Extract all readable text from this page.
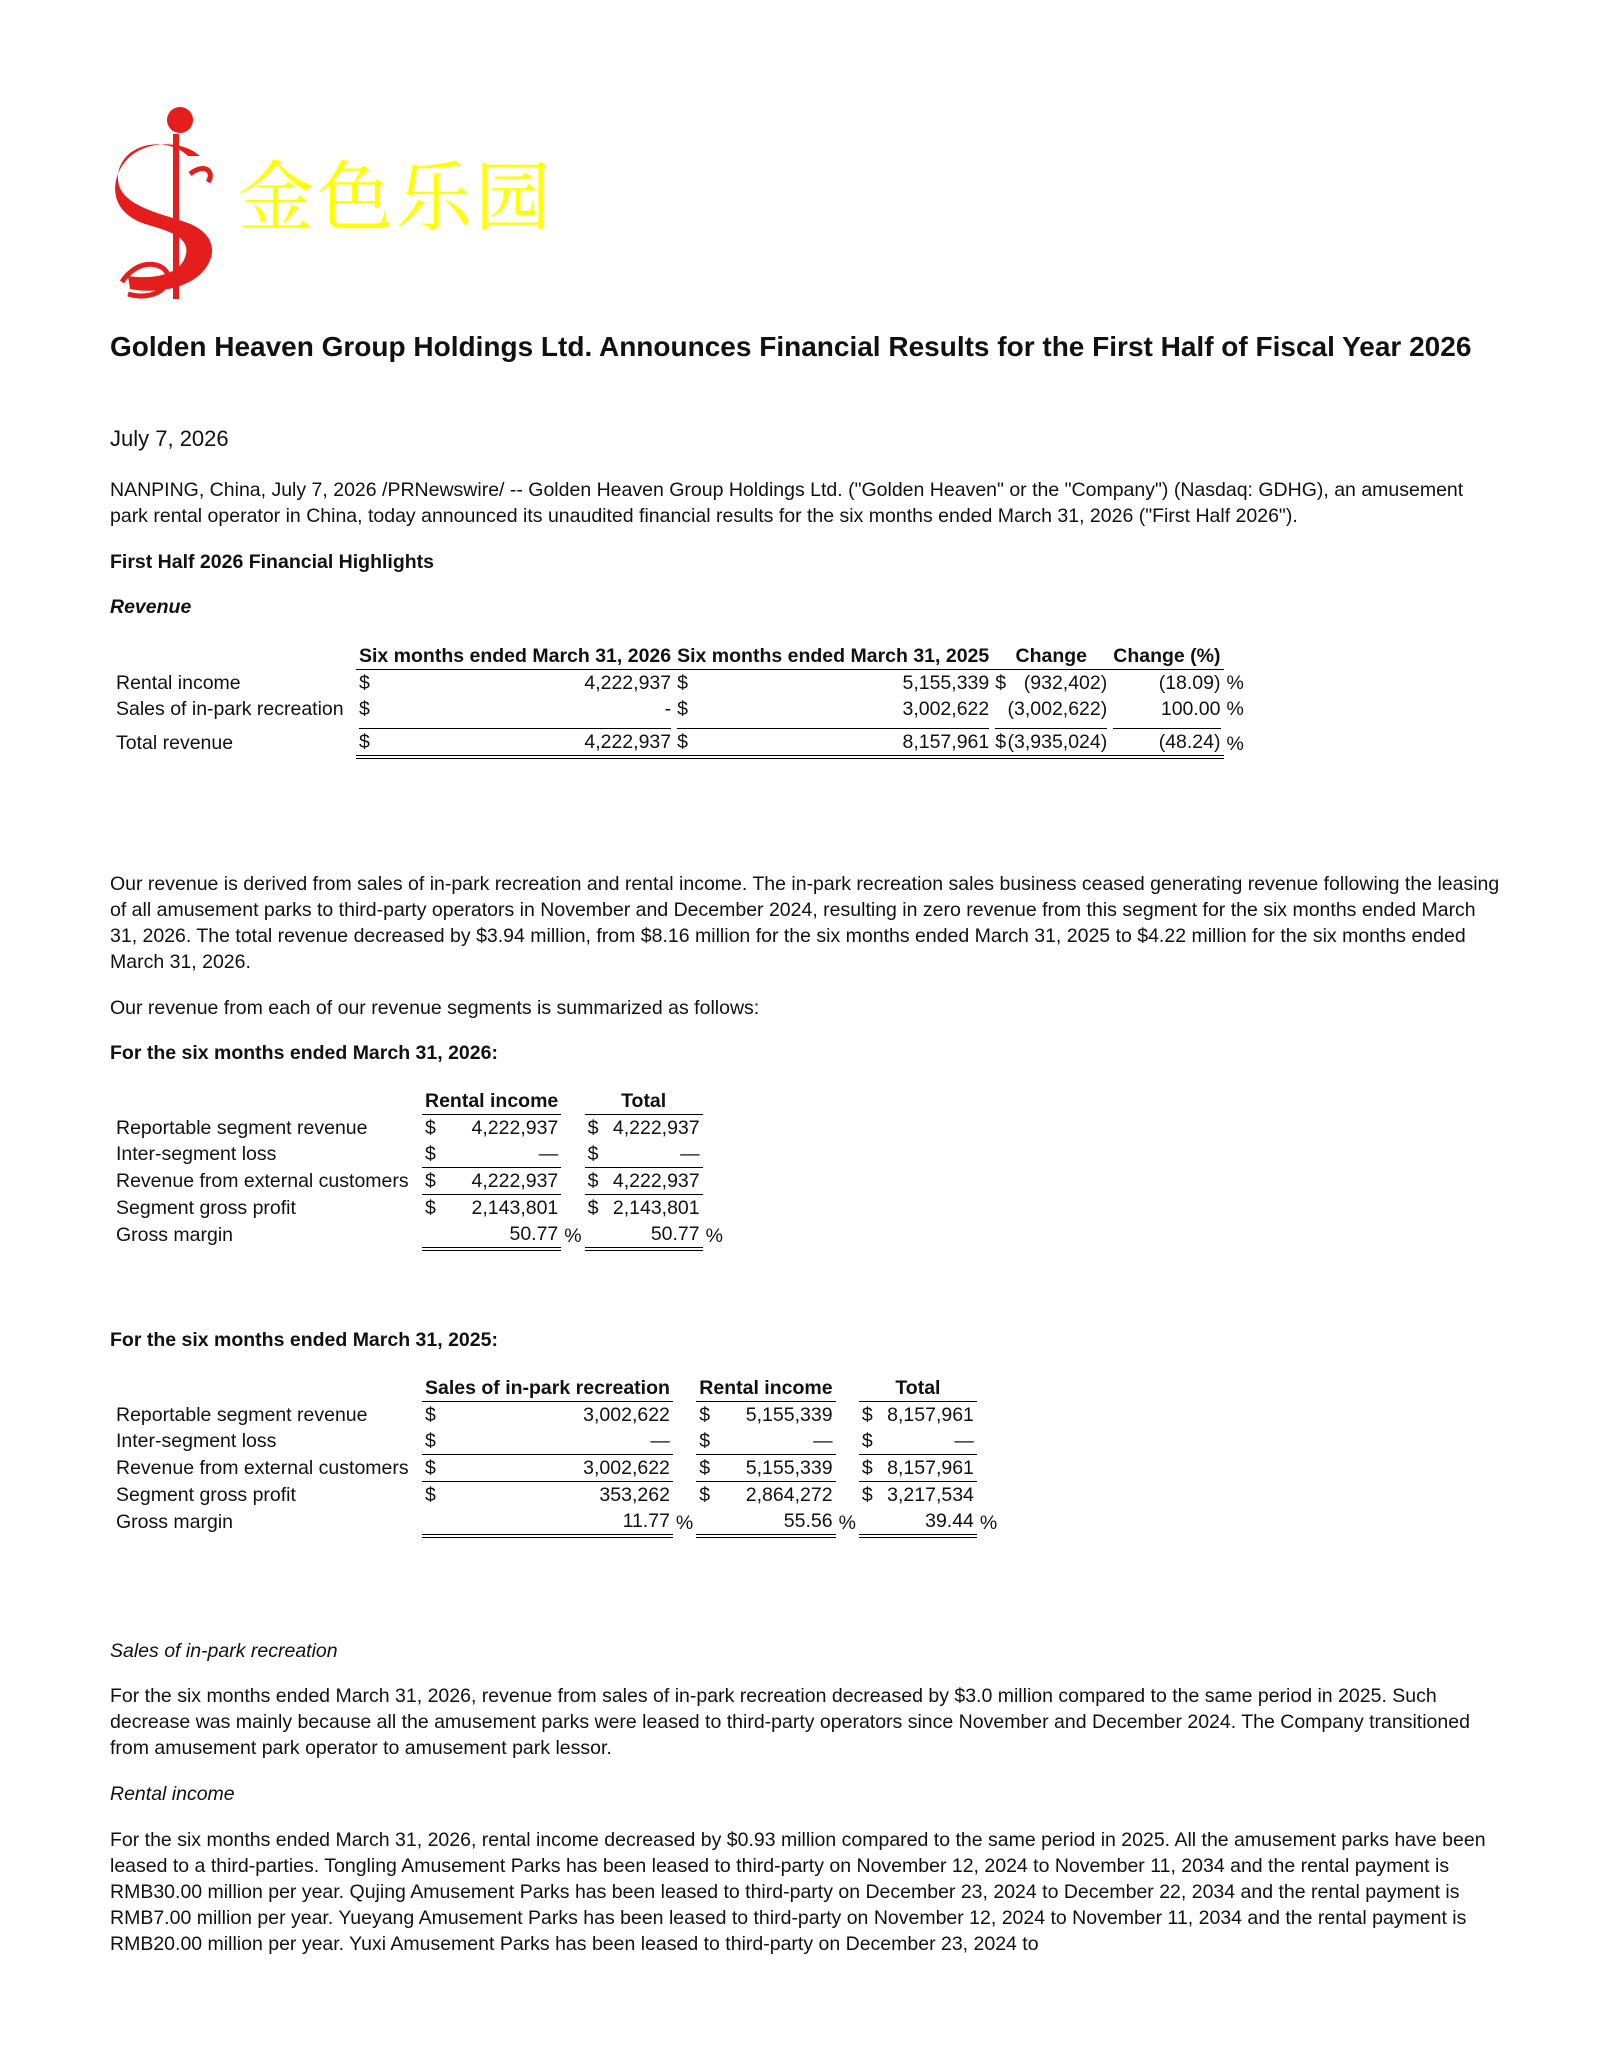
金色乐园
Golden Heaven Group Holdings Ltd. Announces Financial Results for the First Half of Fiscal Year 2026
July 7, 2026

NANPING, China, July 7, 2026 /PRNewswire/ -- Golden Heaven Group Holdings Ltd. ("Golden Heaven" or the "Company") (Nasdaq: GDHG), an amusement park rental operator in China, today announced its unaudited financial results for the six months ended March 31, 2026 ("First Half 2026").

First Half 2026 Financial Highlights

Revenue

	Six months ended March 31, 2026	Six months ended March 31, 2025	Change	Change (%)	
Rental income	$ 4,222,937	$ 5,155,339	$ (932,402)	(18.09)	%
Sales of in-park recreation	$ -	$ 3,002,622	(3,002,622)	100.00	%
Total revenue	$ 4,222,937	$ 8,157,961	$ (3,935,024)	(48.24)	%

Our revenue is derived from sales of in-park recreation and rental income. The in-park recreation sales business ceased generating revenue following the leasing of all amusement parks to third-party operators in November and December 2024, resulting in zero revenue from this segment for the six months ended March 31, 2026. The total revenue decreased by $3.94 million, from $8.16 million for the six months ended March 31, 2025 to $4.22 million for the six months ended March 31, 2026.

Our revenue from each of our revenue segments is summarized as follows:

For the six months ended March 31, 2026:

	Rental income		Total	
Reportable segment revenue	$ 4,222,937		$ 4,222,937	

Inter-segment loss	$ —		$ —	

Revenue from external customers	$ 4,222,937		$ 4,222,937	

Segment gross profit	$ 2,143,801		$ 2,143,801	

Gross margin	50.77	%	50.77	%

For the six months ended March 31, 2025:

	Sales of in-park recreation		Rental income		Total	
Reportable segment revenue	$ 3,002,622		$ 5,155,339		$ 8,157,961	

Inter-segment loss	$ —		$ —		$ —	

Revenue from external customers	$ 3,002,622		$ 5,155,339		$ 8,157,961	

Segment gross profit	$ 353,262		$ 2,864,272		$ 3,217,534	

Gross margin	11.77	%	55.56	%	39.44	%

Sales of in-park recreation

For the six months ended March 31, 2026, revenue from sales of in-park recreation decreased by $3.0 million compared to the same period in 2025. Such decrease was mainly because all the amusement parks were leased to third-party operators since November and December 2024. The Company transitioned from amusement park operator to amusement park lessor.

Rental income

For the six months ended March 31, 2026, rental income decreased by $0.93 million compared to the same period in 2025. All the amusement parks have been leased to a third-parties. Tongling Amusement Parks has been leased to third-party on November 12, 2024 to November 11, 2034 and the rental payment is RMB30.00 million per year. Qujing Amusement Parks has been leased to third-party on December 23, 2024 to December 22, 2034 and the rental payment is RMB7.00 million per year. Yueyang Amusement Parks has been leased to third-party on November 12, 2024 to November 11, 2034 and the rental payment is RMB20.00 million per year. Yuxi Amusement Parks has been leased to third-party on December 23, 2024 to
